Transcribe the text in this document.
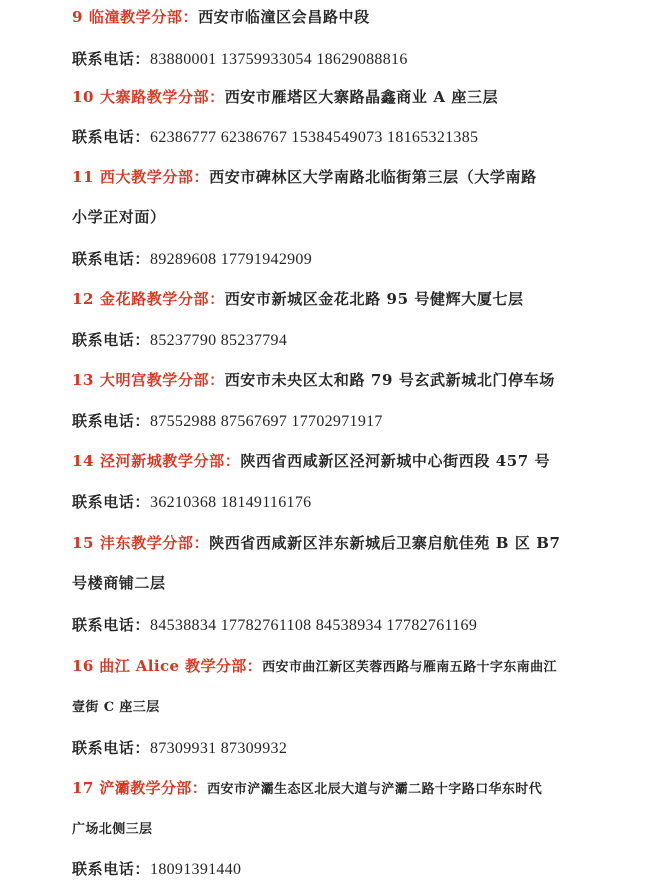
9 临潼教学分部：西安市临潼区会昌路中段
联系电话：83880001 13759933054 18629088816
10 大寨路教学分部：西安市雁塔区大寨路晶鑫商业 A 座三层
联系电话：62386777 62386767 15384549073 18165321385
11 西大教学分部：西安市碑林区大学南路北临街第三层（大学南路
小学正对面）
联系电话：89289608 17791942909
12 金花路教学分部：西安市新城区金花北路 95 号健辉大厦七层
联系电话：85237790 85237794
13 大明宫教学分部：西安市未央区太和路 79 号玄武新城北门停车场
联系电话：87552988 87567697 17702971917
14 泾河新城教学分部：陕西省西咸新区泾河新城中心街西段 457 号
联系电话：36210368 18149116176
15 沣东教学分部：陕西省西咸新区沣东新城后卫寨启航佳苑 B 区 B7
号楼商铺二层
联系电话：84538834 17782761108 84538934 17782761169
16 曲江 Alice 教学分部：西安市曲江新区芙蓉西路与雁南五路十字东南曲江
壹街 C 座三层
联系电话：87309931 87309932
17 浐灞教学分部：西安市浐灞生态区北辰大道与浐灞二路十字路口华东时代
广场北侧三层
联系电话：18091391440
